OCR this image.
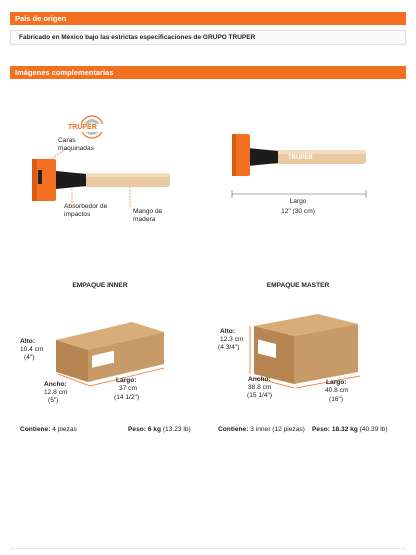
País de origen
Fabricado en México bajo las estrictas especificaciones de GRUPO TRUPER
Imágenes complementarias
TRUPER
Caras maquinadas
Absorbedor de impactos	Mango de madera
TRUPER
Largo
12" (30 cm)
EMPAQUE INNER	EMPAQUE MASTER
Alto:
10.4 cm
(4")
Ancho:
12.8 cm
(5")
Largo:
37 cm
(14 1/2")
Alto:
12.3 cm
(4 3/4")
Ancho:
38.8 cm
(15 1/4")
Largo:
40.8 cm
(16")
Contiene: 4 piezas	Peso: 6 kg (13.23 lb)	Contiene: 3 inner (12 piezas)	Peso: 18.32 kg (40.39 lb)
